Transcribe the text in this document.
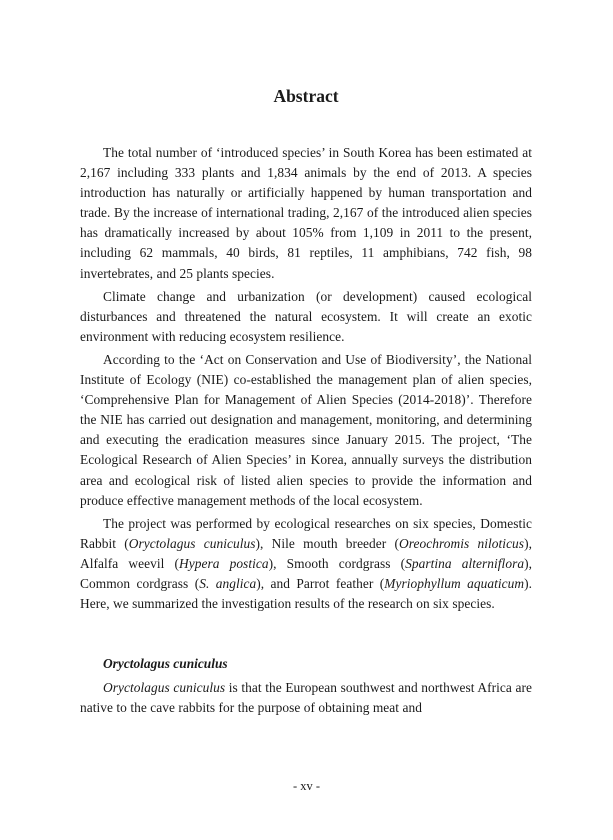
Abstract

The total number of ‘introduced species’ in South Korea has been estimated at 2,167 including 333 plants and 1,834 animals by the end of 2013. A species introduction has naturally or artificially happened by human transportation and trade. By the increase of international trading, 2,167 of the introduced alien species has dramatically increased by about 105% from 1,109 in 2011 to the present, including 62 mammals, 40 birds, 81 reptiles, 11 amphibians, 742 fish, 98 invertebrates, and 25 plants species.

Climate change and urbanization (or development) caused ecological disturbances and threatened the natural ecosystem. It will create an exotic environment with reducing ecosystem resilience.

According to the ‘Act on Conservation and Use of Biodiversity’, the National Institute of Ecology (NIE) co-established the management plan of alien species, ‘Comprehensive Plan for Management of Alien Species (2014-2018)’. Therefore the NIE has carried out designation and management, monitoring, and determining and executing the eradication measures since January 2015. The project, ‘The Ecological Research of Alien Species’ in Korea, annually surveys the distribution area and ecological risk of listed alien species to provide the information and produce effective management methods of the local ecosystem.

The project was performed by ecological researches on six species, Domestic Rabbit (Oryctolagus cuniculus), Nile mouth breeder (Oreochromis niloticus), Alfalfa weevil (Hypera postica), Smooth cordgrass (Spartina alterniflora), Common cordgrass (S. anglica), and Parrot feather (Myriophyllum aquaticum). Here, we summarized the investigation results of the research on six species.

Oryctolagus cuniculus

Oryctolagus cuniculus is that the European southwest and northwest Africa are native to the cave rabbits for the purpose of obtaining meat and

- xv -
